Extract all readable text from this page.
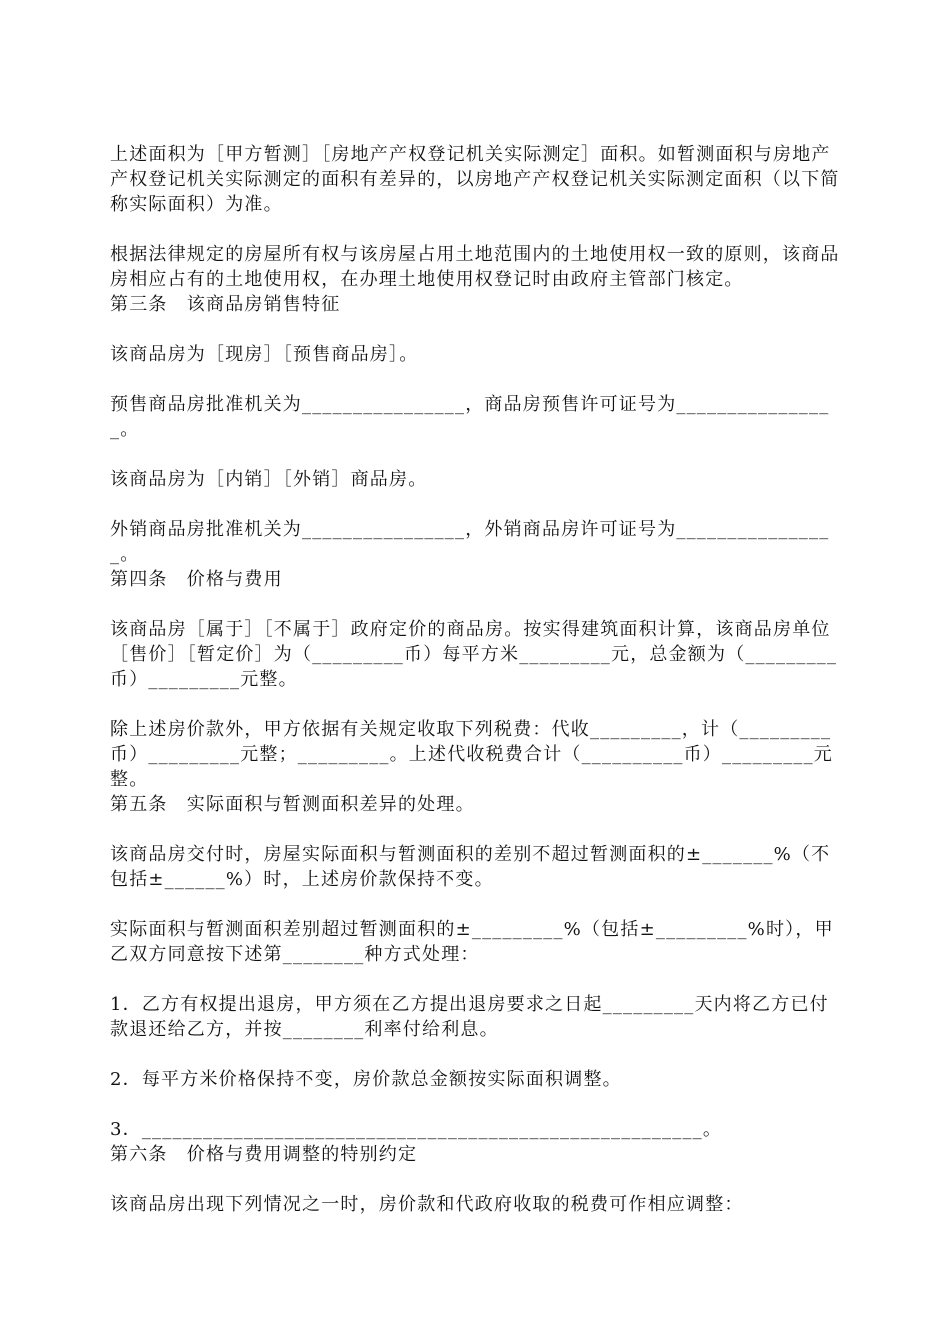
上述面积为［甲方暂测］［房地产产权登记机关实际测定］面积。如暂测面积与房地产产权登记机关实际测定的面积有差异的，以房地产产权登记机关实际测定面积（以下简称实际面积）为准。

根据法律规定的房屋所有权与该房屋占用土地范围内的土地使用权一致的原则，该商品房相应占有的土地使用权，在办理土地使用权登记时由政府主管部门核定。

第三条　该商品房销售特征

该商品房为［现房］［预售商品房］。

预售商品房批准机关为________________，商品房预售许可证号为________________。

该商品房为［内销］［外销］商品房。

外销商品房批准机关为________________，外销商品房许可证号为________________。

第四条　价格与费用

该商品房［属于］［不属于］政府定价的商品房。按实得建筑面积计算，该商品房单位［售价］［暂定价］为（_________币）每平方米_________元，总金额为（_________币）_________元整。

除上述房价款外，甲方依据有关规定收取下列税费：代收_________，计（_________币）_________元整；_________。上述代收税费合计（__________币）_________元整。

第五条　实际面积与暂测面积差异的处理。

该商品房交付时，房屋实际面积与暂测面积的差别不超过暂测面积的±_______%（不包括±______%）时，上述房价款保持不变。

实际面积与暂测面积差别超过暂测面积的±_________%（包括±_________%时），甲乙双方同意按下述第________种方式处理：

1．乙方有权提出退房，甲方须在乙方提出退房要求之日起_________天内将乙方已付款退还给乙方，并按________利率付给利息。

2．每平方米价格保持不变，房价款总金额按实际面积调整。

3．_______________________________________________________。

第六条　价格与费用调整的特别约定

该商品房出现下列情况之一时，房价款和代政府收取的税费可作相应调整：
